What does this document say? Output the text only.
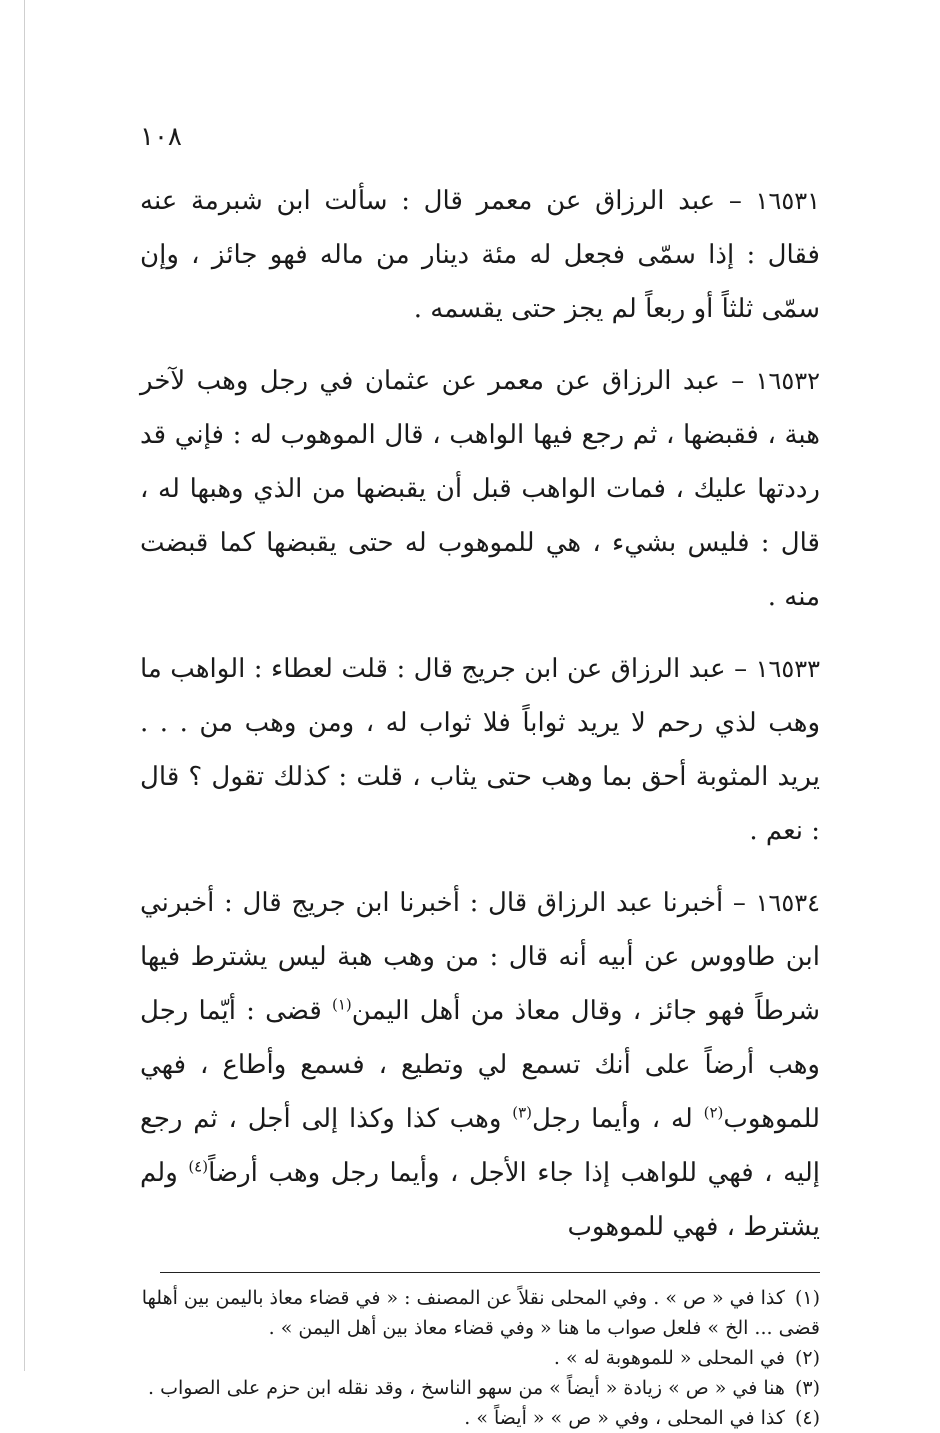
١٠٨

١٦٥٣١ – عبد الرزاق عن معمر قال : سألت ابن شبرمة عنه فقال : إذا سمّى فجعل له مئة دينار من ماله فهو جائز ، وإن سمّى ثلثاً أو ربعاً لم يجز حتى يقسمه .

١٦٥٣٢ – عبد الرزاق عن معمر عن عثمان في رجل وهب لآخر هبة ، فقبضها ، ثم رجع فيها الواهب ، قال الموهوب له : فإني قد رددتها عليك ، فمات الواهب قبل أن يقبضها من الذي وهبها له ، قال : فليس بشيء ، هي للموهوب له حتى يقبضها كما قبضت منه .

١٦٥٣٣ – عبد الرزاق عن ابن جريج قال : قلت لعطاء : الواهب ما وهب لذي رحم لا يريد ثواباً فلا ثواب له ، ومن وهب من . . . يريد المثوبة أحق بما وهب حتى يثاب ، قلت : كذلك تقول ؟ قال : نعم .

١٦٥٣٤ – أخبرنا عبد الرزاق قال : أخبرنا ابن جريج قال : أخبرني ابن طاووس عن أبيه أنه قال : من وهب هبة ليس يشترط فيها شرطاً فهو جائز ، وقال معاذ من أهل اليمن$^{(١)}$ قضى : أيّما رجل وهب أرضاً على أنك تسمع لي وتطيع ، فسمع وأطاع ، فهي للموهوب$^{(٢)}$ له ، وأيما رجل$^{(٣)}$ وهب كذا وكذا إلى أجل ، ثم رجع إليه ، فهي للواهب إذا جاء الأجل ، وأيما رجل وهب أرضاً$^{(٤)}$ ولم يشترط ، فهي للموهوب

(١)كذا في « ص » . وفي المحلى نقلاً عن المصنف : « في قضاء معاذ باليمن بين أهلها قضى ... الخ » فلعل صواب ما هنا « وفي قضاء معاذ بين أهل اليمن » .

(٢)في المحلى « للموهوبة له » .

(٣)هنا في « ص » زيادة « أيضاً » من سهو الناسخ ، وقد نقله ابن حزم على الصواب .

(٤)كذا في المحلى ، وفي « ص » « أيضاً » .
